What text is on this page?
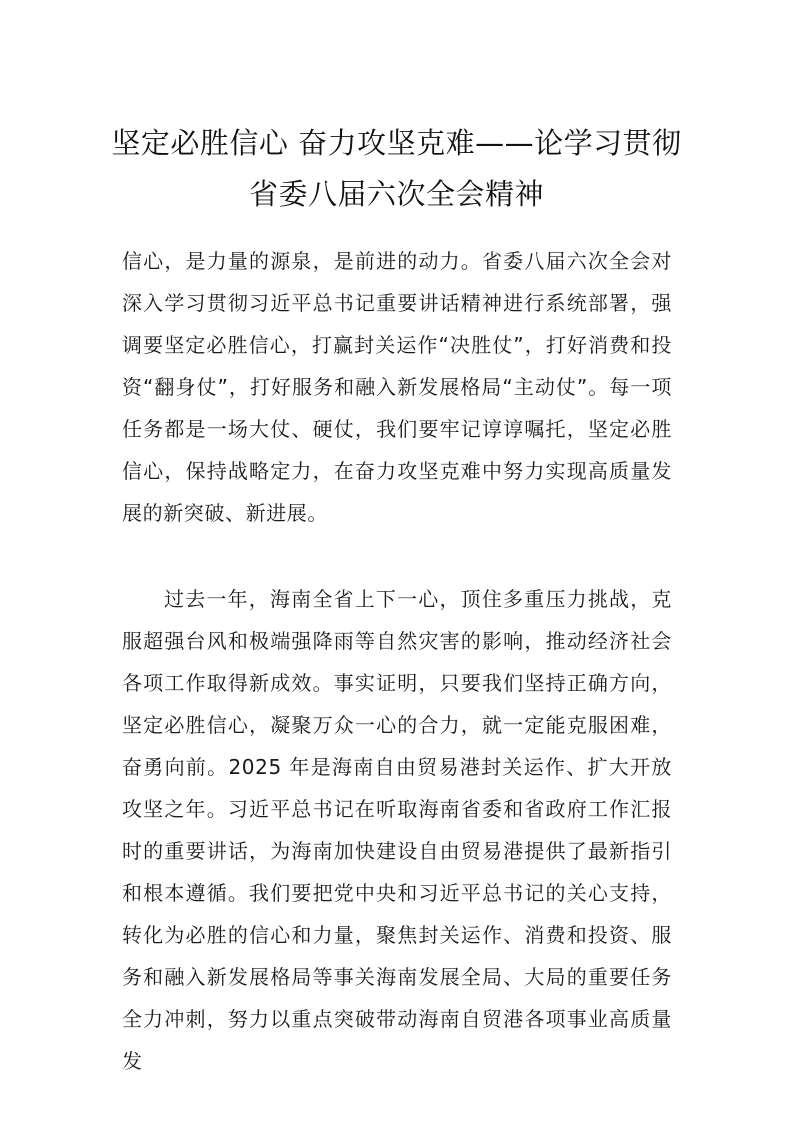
坚定必胜信心 奋力攻坚克难——论学习贯彻省委八届六次全会精神

信心，是力量的源泉，是前进的动力。省委八届六次全会对深入学习贯彻习近平总书记重要讲话精神进行系统部署，强调要坚定必胜信心，打赢封关运作“决胜仗”，打好消费和投资“翻身仗”，打好服务和融入新发展格局“主动仗”。每一项任务都是一场大仗、硬仗，我们要牢记谆谆嘱托，坚定必胜信心，保持战略定力，在奋力攻坚克难中努力实现高质量发展的新突破、新进展。

过去一年，海南全省上下一心，顶住多重压力挑战，克服超强台风和极端强降雨等自然灾害的影响，推动经济社会各项工作取得新成效。事实证明，只要我们坚持正确方向，坚定必胜信心，凝聚万众一心的合力，就一定能克服困难，奋勇向前。2025 年是海南自由贸易港封关运作、扩大开放攻坚之年。习近平总书记在听取海南省委和省政府工作汇报时的重要讲话，为海南加快建设自由贸易港提供了最新指引和根本遵循。我们要把党中央和习近平总书记的关心支持，转化为必胜的信心和力量，聚焦封关运作、消费和投资、服务和融入新发展格局等事关海南发展全局、大局的重要任务全力冲刺，努力以重点突破带动海南自贸港各项事业高质量发
